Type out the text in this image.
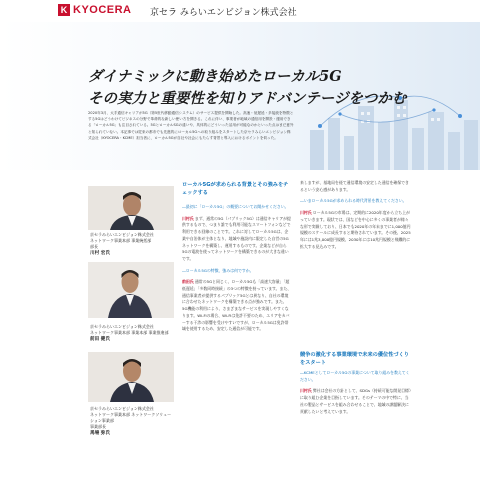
K KYOCERA 京セラ みらいエンビジョン株式会社
ダイナミックに動き始めたローカル5G
その実力と重要性を知りアドバンテージをつかむ
2020年3月、大手通信キャリアが5G（第5世代移動通信システム）のサービス提供を開始した。高速・低遅延・多接続を特徴とする5Gはどうわけてビジネスの分野で革命的な新しい使い方を開きる。これに伴い、事業者が地域の通信用を開設・運用できる「ローカル5G」も注目されている。5GとローカルSGの違いや、具体的にどういった活用が可能なのかといった点はまだ意外と知られていない。本記事では従来の都市でも先進的にローカル5Gへの取り組みをスタートした京セラみらいエンビジョン株式会社（KYOCERA・KCME）担当者に、ローカル5Gが自社や社会にもたらす背景と導入におけるポイントを伺った。
京セラみらいエンビジョン株式会社
ネットワーク事業本部 事業統括部
部長
川村 宏氏
京セラみらいエンビジョン株式会社
ネットワーク事業本部 事業本部 事業推進部
前田 健氏
京セラみらいエンビジョン株式会社
ネットワーク事業本部 ネットワークソリューション事業部
事業部長
馬場 弥氏
ローカル5Gが求められる背景とその強みをチェックする

―最初に「ローカル5G」の概要についてお聞かせください。

川村氏 まず、通常の5G（パブリック5G）は通信キャリアが提供するもので、つまり誰でも利用可能なスマートフォンなどで利用できる回線のことです。これに対してローカル5Gは、企業や自治体が主体となり、地域や施設内に限定した自営の5Gネットワークを構築し、運用するものです。企業などが自ら5Gの電波を使ってネットワークを構築できるのが大きな違いです。

―ローカル5Gの特徴、強みは何ですか。

前田氏 通常の5Gと同じく、ローカル5Gも「高速大容量」「超低遅延」「多数同時接続」の3つの特徴を持っています。また、通信事業者が提供するパブリック5Gとは異なり、自社の環境に合わせたネットワークを構築できる点が強みです。また、5G機能の利用により、さまざまなサービスを実現しやすくなります。Wi-Fiの場合、Wi-Fiは免許不要のため、エリアをカバーする干渉の影響を受けやすいですが、ローカル5Gは免許帯域を使用するため、安定した通信が可能です。

来しますが、基地局を経て通信環境の安定した通信を確保できるという安心感があります。

―いまローカル5Gが求められる時代背景を教えてください。

川村氏 ローカル5Gの市場は、定期的に2020年度から立ち上がっていきます。現状では、国などを中心に多くの事業者が様々な形で実験しており、日本でも2020年の年末までに1,000億円規模のスケールに成長すると期待されています。その後、2025年には1兆3,000億円規模、2030年には10兆円規模と飛躍的に拡大する見込みです。

競争の激化する事業環境で未来の優位性づくりをスタート

―KCMEとしてローカル5Gの事業について取り組みを教えてください。

川村氏 弊社は会社の方針として、SDGs（持続可能な開発目標）に取り組む企業を目指しています。そのテーマの中で特に、当社の製品とサービスを組み合わせることで、地域の課題解決に貢献したいと考えています。
